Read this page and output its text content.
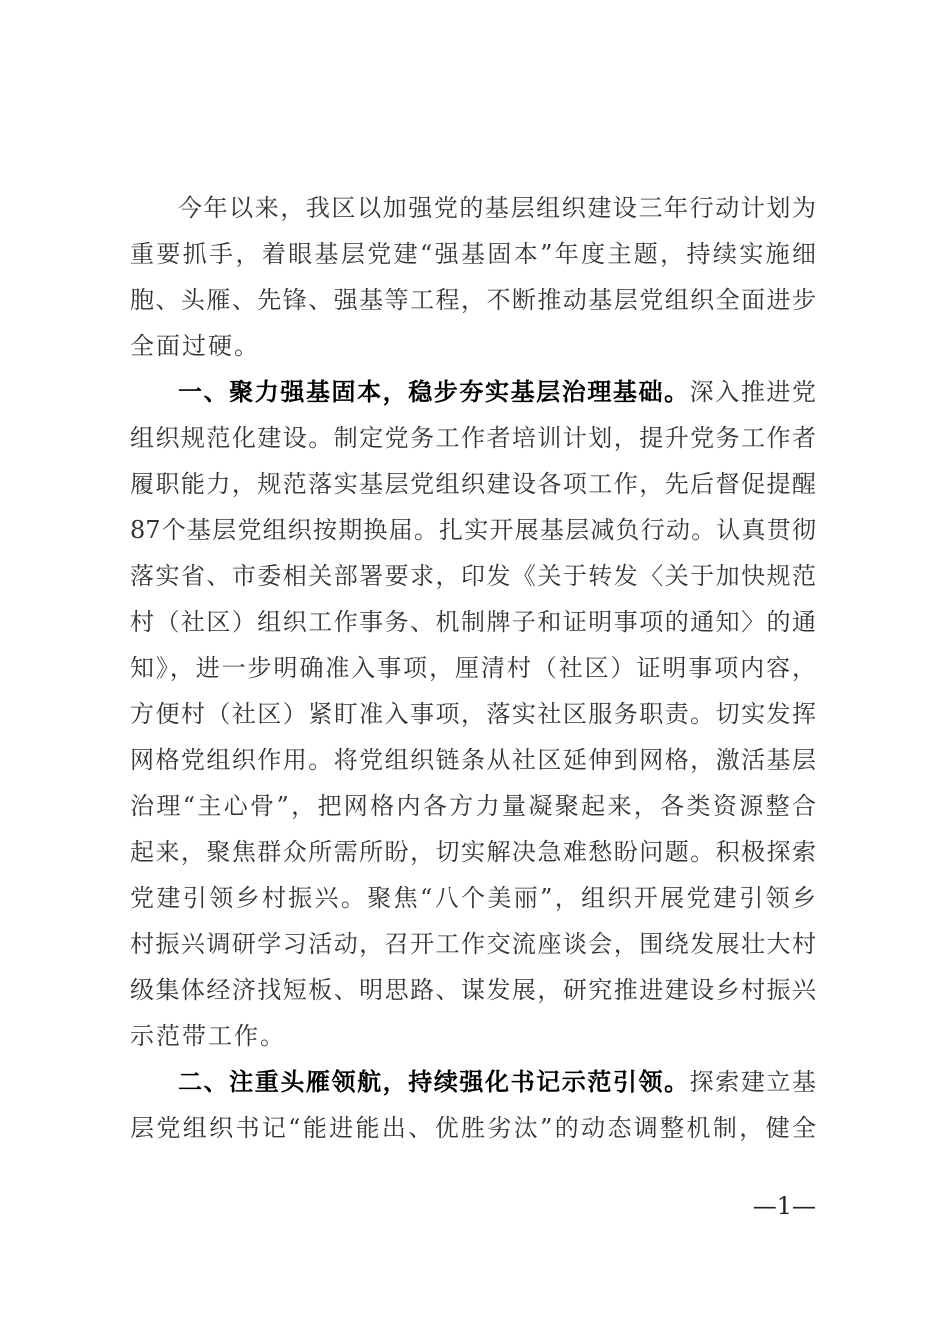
今年以来，我区以加强党的基层组织建设三年行动计划为
重要抓手，着眼基层党建“强基固本”年度主题，持续实施细
胞、头雁、先锋、强基等工程，不断推动基层党组织全面进步
全面过硬。
一、聚力强基固本，稳步夯实基层治理基础。深入推进党
组织规范化建设。制定党务工作者培训计划，提升党务工作者
履职能力，规范落实基层党组织建设各项工作，先后督促提醒
87个基层党组织按期换届。扎实开展基层减负行动。认真贯彻
落实省、市委相关部署要求，印发《关于转发〈关于加快规范
村（社区）组织工作事务、机制牌子和证明事项的通知〉的通
知》，进一步明确准入事项，厘清村（社区）证明事项内容，
方便村（社区）紧盯准入事项，落实社区服务职责。切实发挥
网格党组织作用。将党组织链条从社区延伸到网格，激活基层
治理“主心骨”，把网格内各方力量凝聚起来，各类资源整合
起来，聚焦群众所需所盼，切实解决急难愁盼问题。积极探索
党建引领乡村振兴。聚焦“八个美丽”，组织开展党建引领乡
村振兴调研学习活动，召开工作交流座谈会，围绕发展壮大村
级集体经济找短板、明思路、谋发展，研究推进建设乡村振兴
示范带工作。
二、注重头雁领航，持续强化书记示范引领。探索建立基
层党组织书记“能进能出、优胜劣汰”的动态调整机制，健全
—1—
